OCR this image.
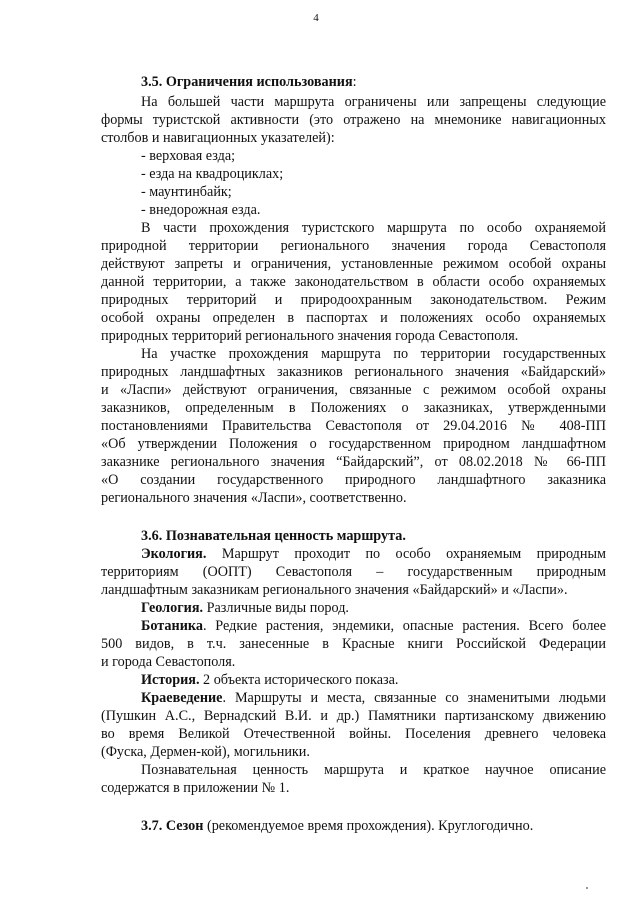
4
3.5. Ограничения использования:
На большей части маршрута ограничены или запрещены следующие
формы туристской активности (это отражено на мнемонике навигационных
столбов и навигационных указателей):
- верховая езда;
- езда на квадроциклах;
- маунтинбайк;
- внедорожная езда.
В части прохождения туристского маршрута по особо охраняемой
природной территории регионального значения города Севастополя
действуют запреты и ограничения, установленные режимом особой охраны
данной территории, а также законодательством в области особо охраняемых
природных территорий и природоохранным законодательством. Режим
особой охраны определен в паспортах и положениях особо охраняемых
природных территорий регионального значения города Севастополя.
На участке прохождения маршрута по территории государственных
природных ландшафтных заказников регионального значения «Байдарский»
и «Ласпи» действуют ограничения, связанные с режимом особой охраны
заказников, определенным в Положениях о заказниках, утвержденными
постановлениями Правительства Севастополя от 29.04.2016 № 408-ПП
«Об утверждении Положения о государственном природном ландшафтном
заказнике регионального значения “Байдарский”, от 08.02.2018 № 66-ПП
«О создании государственного природного ландшафтного заказника
регионального значения «Ласпи», соответственно.
3.6. Познавательная ценность маршрута.
Экология. Маршрут проходит по особо охраняемым природным
территориям (ООПТ) Севастополя – государственным природным
ландшафтным заказникам регионального значения «Байдарский» и «Ласпи».
Геология. Различные виды пород.
Ботаника. Редкие растения, эндемики, опасные растения. Всего более
500 видов, в т.ч. занесенные в Красные книги Российской Федерации
и города Севастополя.
История. 2 объекта исторического показа.
Краеведение. Маршруты и места, связанные со знаменитыми людьми
(Пушкин А.С., Вернадский В.И. и др.) Памятники партизанскому движению
во время Великой Отечественной войны. Поселения древнего человека
(Фуска, Дермен-кой), могильники.
Познавательная ценность маршрута и краткое научное описание
содержатся в приложении № 1.
3.7. Сезон (рекомендуемое время прохождения). Круглогодично.
